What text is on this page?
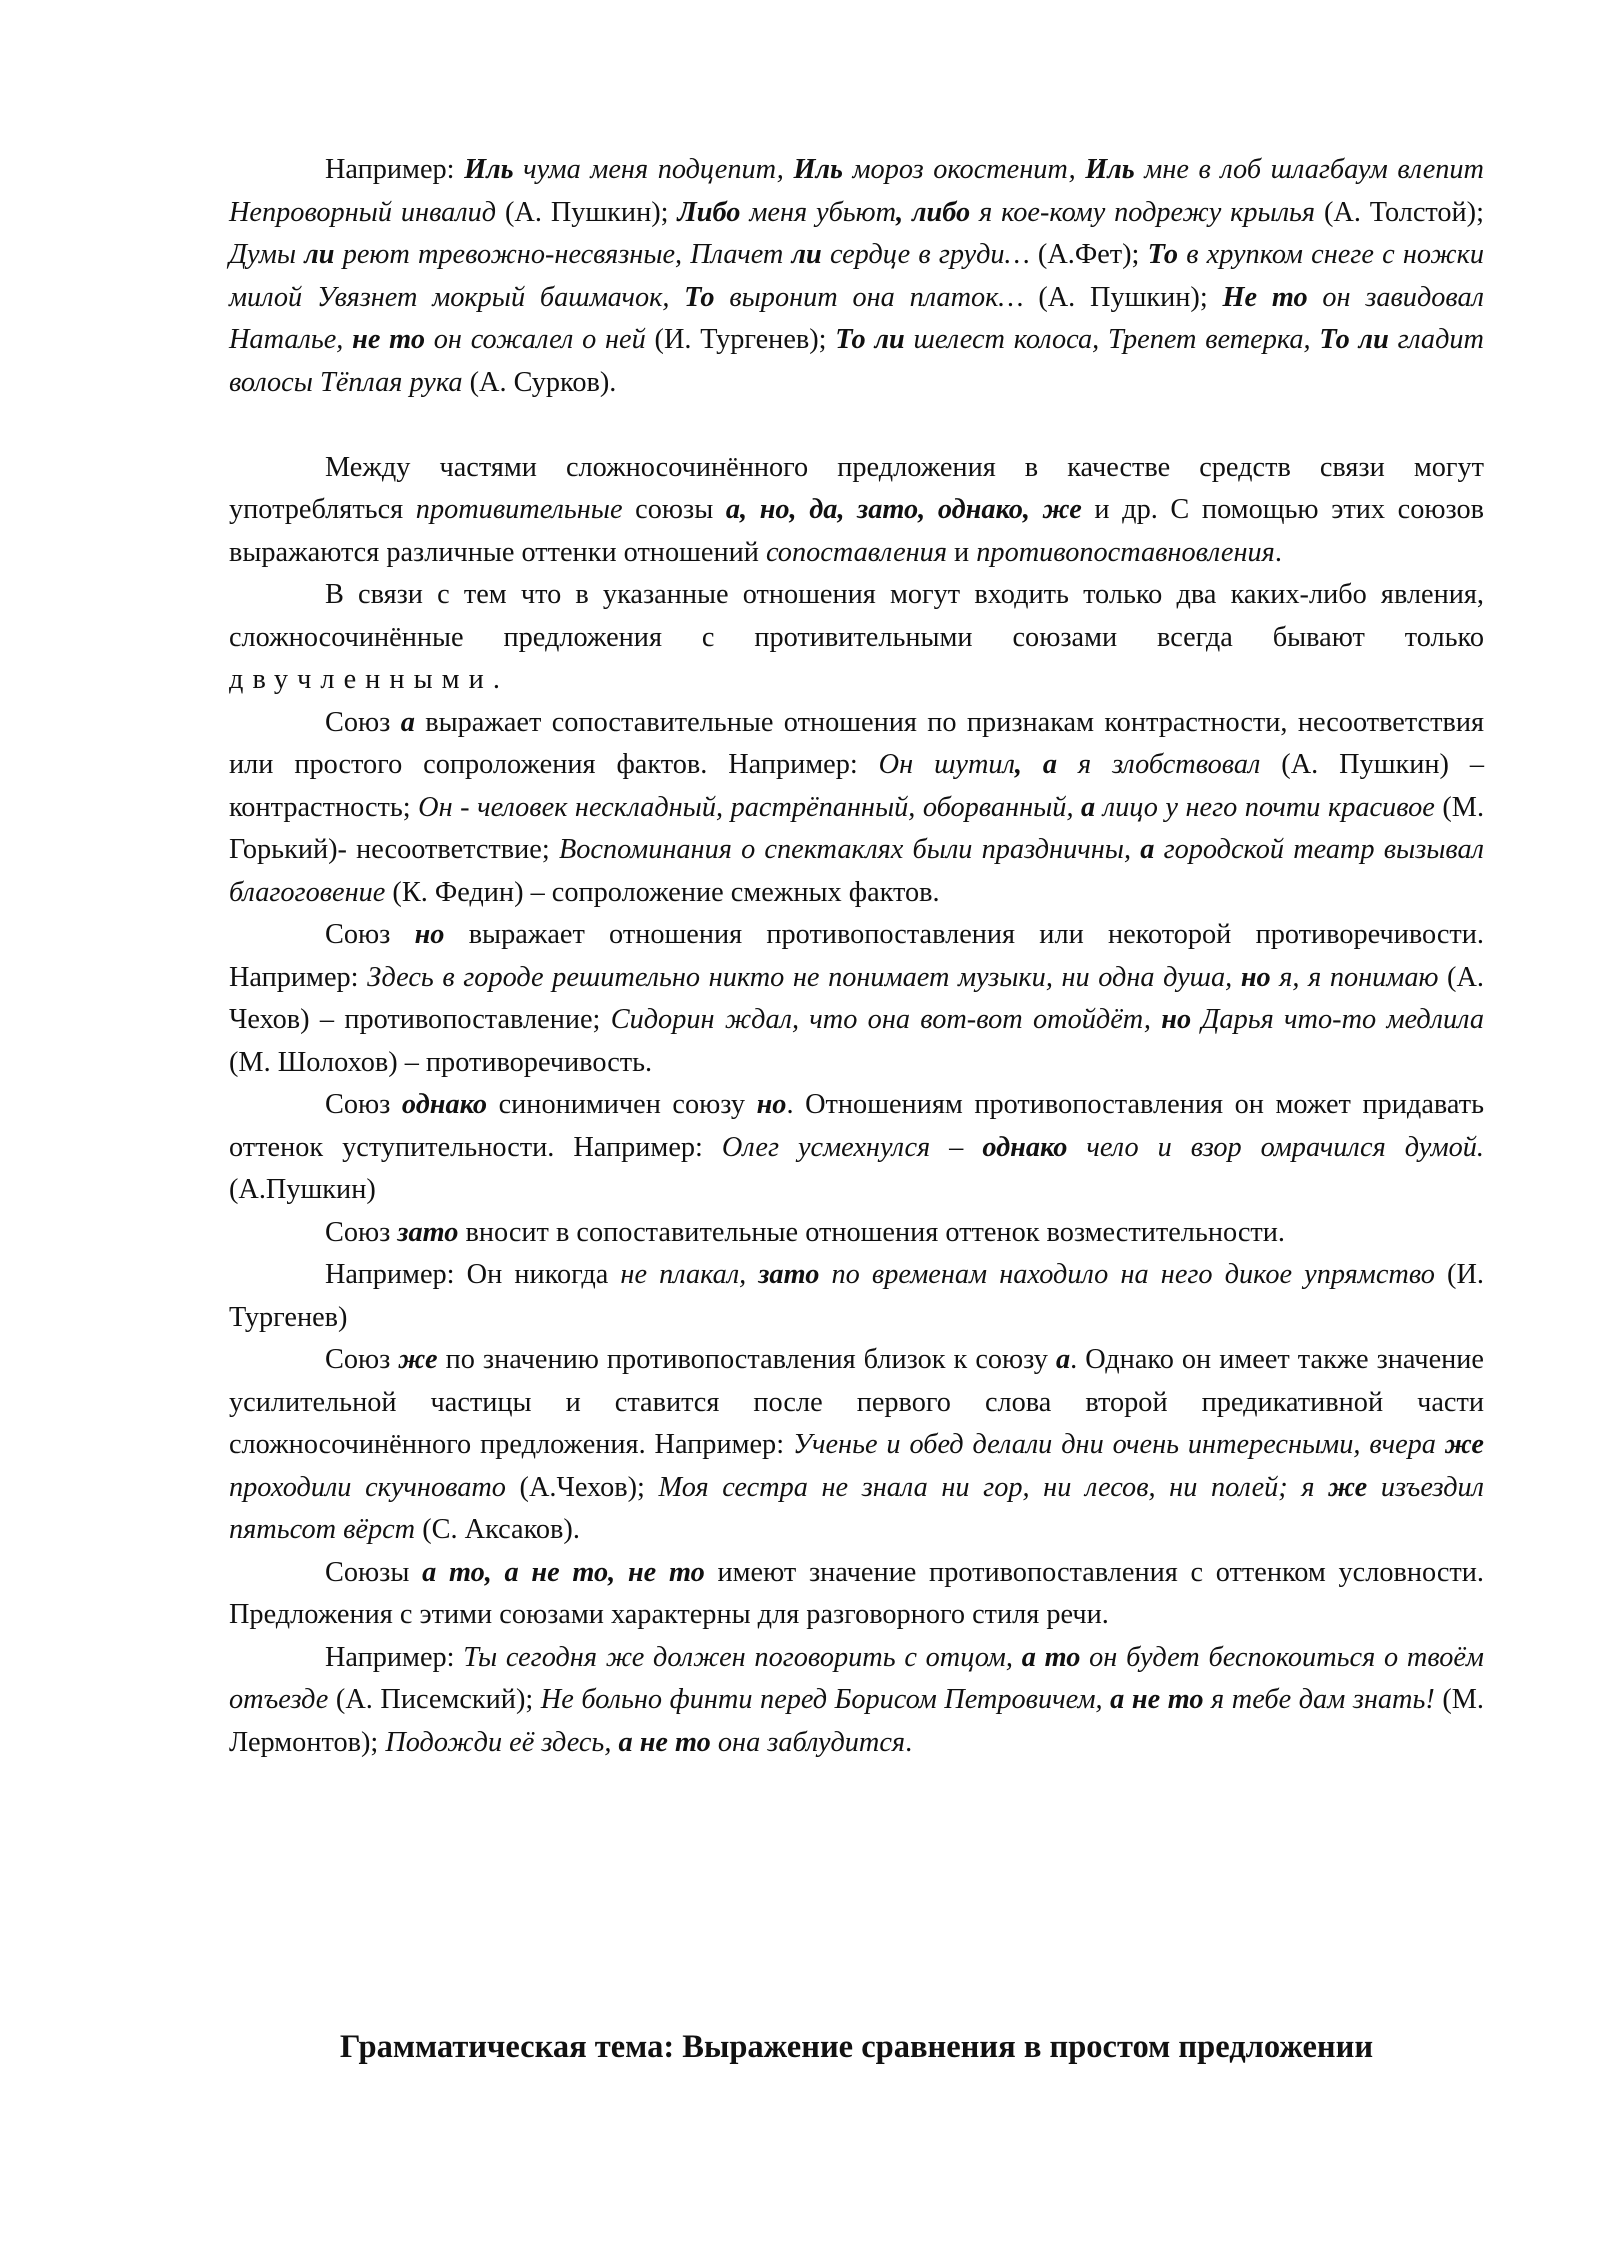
Например: Иль чума меня подцепит, Иль мороз окостенит, Иль мне в лоб шлагбаум влепит Непроворный инвалид (А. Пушкин); Либо меня убьют, либо я кое-кому подрежу крылья (А. Толстой); Думы ли реют тревожно-несвязные, Плачет ли сердце в груди… (А.Фет); То в хрупком снеге с ножки милой Увязнет мокрый башмачок, То выронит она платок… (А. Пушкин); Не то он завидовал Наталье, не то он сожалел о ней (И. Тургенев); То ли шелест колоса, Трепет ветерка, То ли гладит волосы Тёплая рука (А. Сурков).

Между частями сложносочинённого предложения в качестве средств связи могут употребляться противительные союзы а, но, да, зато, однако, же и др. С помощью этих союзов выражаются различные оттенки отношений сопоставления и противопоставновления.

В связи с тем что в указанные отношения могут входить только два каких-либо явления, сложносочинённые предложения с противительными союзами всегда бывают только двучленными.

Союз а выражает сопоставительные отношения по признакам контрастности, несоответствия или простого сопроложения фактов. Например: Он шутил, а я злобствовал (А. Пушкин) – контрастность; Он - человек нескладный, растрёпанный, оборванный, а лицо у него почти красивое (М. Горький)- несоответствие; Воспоминания о спектаклях были праздничны, а городской театр вызывал благоговение (К. Федин) – сопроложение смежных фактов.

Союз но выражает отношения противопоставления или некоторой противоречивости. Например: Здесь в городе решительно никто не понимает музыки, ни одна душа, но я, я понимаю (А. Чехов) – противопоставление; Сидорин ждал, что она вот-вот отойдёт, но Дарья что-то медлила (М. Шолохов) – противоречивость.

Союз однако синонимичен союзу но. Отношениям противопоставления он может придавать оттенок уступительности. Например: Олег усмехнулся – однако чело и взор омрачился думой. (А.Пушкин)

Союз зато вносит в сопоставительные отношения оттенок возместительности.

Например: Он никогда не плакал, зато по временам находило на него дикое упрямство (И. Тургенев)

Союз же по значению противопоставления близок к союзу а. Однако он имеет также значение усилительной частицы и ставится после первого слова второй предикативной части сложносочинённого предложения. Например: Ученье и обед делали дни очень интересными, вчера же проходили скучновато (А.Чехов); Моя сестра не знала ни гор, ни лесов, ни полей; я же изъездил пятьсот вёрст (С. Аксаков).

Союзы а то, а не то, не то имеют значение противопоставления с оттенком условности. Предложения с этими союзами характерны для разговорного стиля речи.

Например: Ты сегодня же должен поговорить с отцом, а то он будет беспокоиться о твоём отъезде (А. Писемский); Не больно финти перед Борисом Петровичем, а не то я тебе дам знать! (М. Лермонтов); Подожди её здесь, а не то она заблудится.

Грамматическая тема: Выражение сравнения в простом предложении
